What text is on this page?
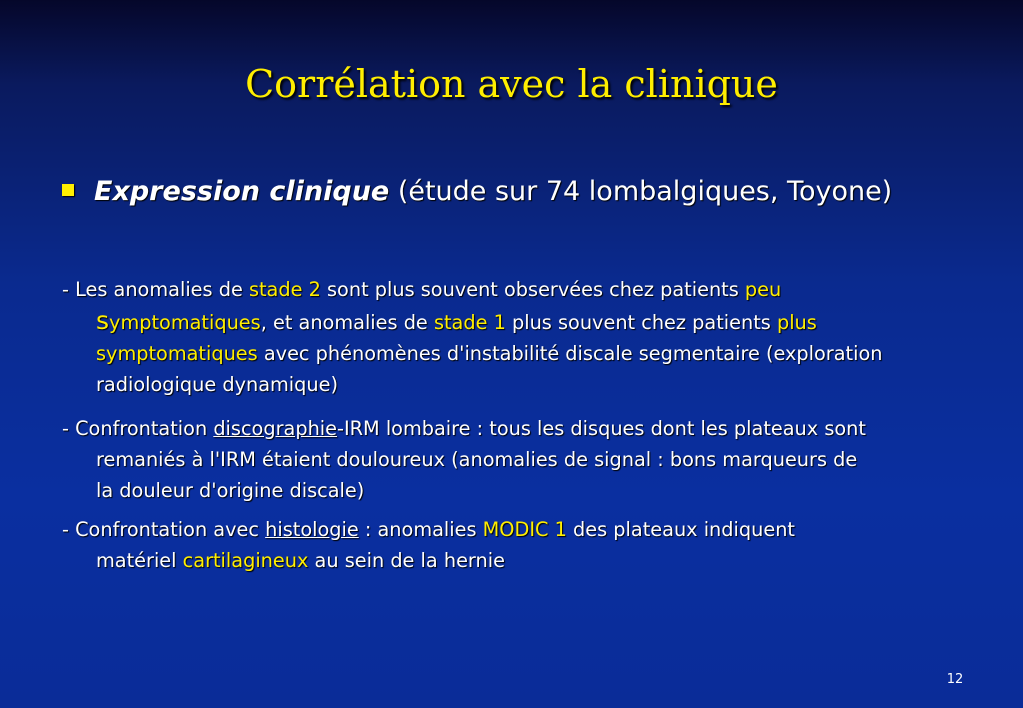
Corrélation avec la clinique
Expression clinique (étude sur 74 lombalgiques, Toyone)
- Les anomalies de stade 2 sont plus souvent observées chez patients peu
symptomatiques, et anomalies de stade 1 plus souvent chez patients plus
symptomatiques avec phénomènes d'instabilité discale segmentaire (exploration
radiologique dynamique)
- Confrontation discographie-IRM lombaire : tous les disques dont les plateaux sont
remaniés à l'IRM étaient douloureux (anomalies de signal : bons marqueurs de
la douleur d'origine discale)
- Confrontation avec histologie : anomalies MODIC 1 des plateaux indiquent
matériel cartilagineux au sein de la hernie
12
